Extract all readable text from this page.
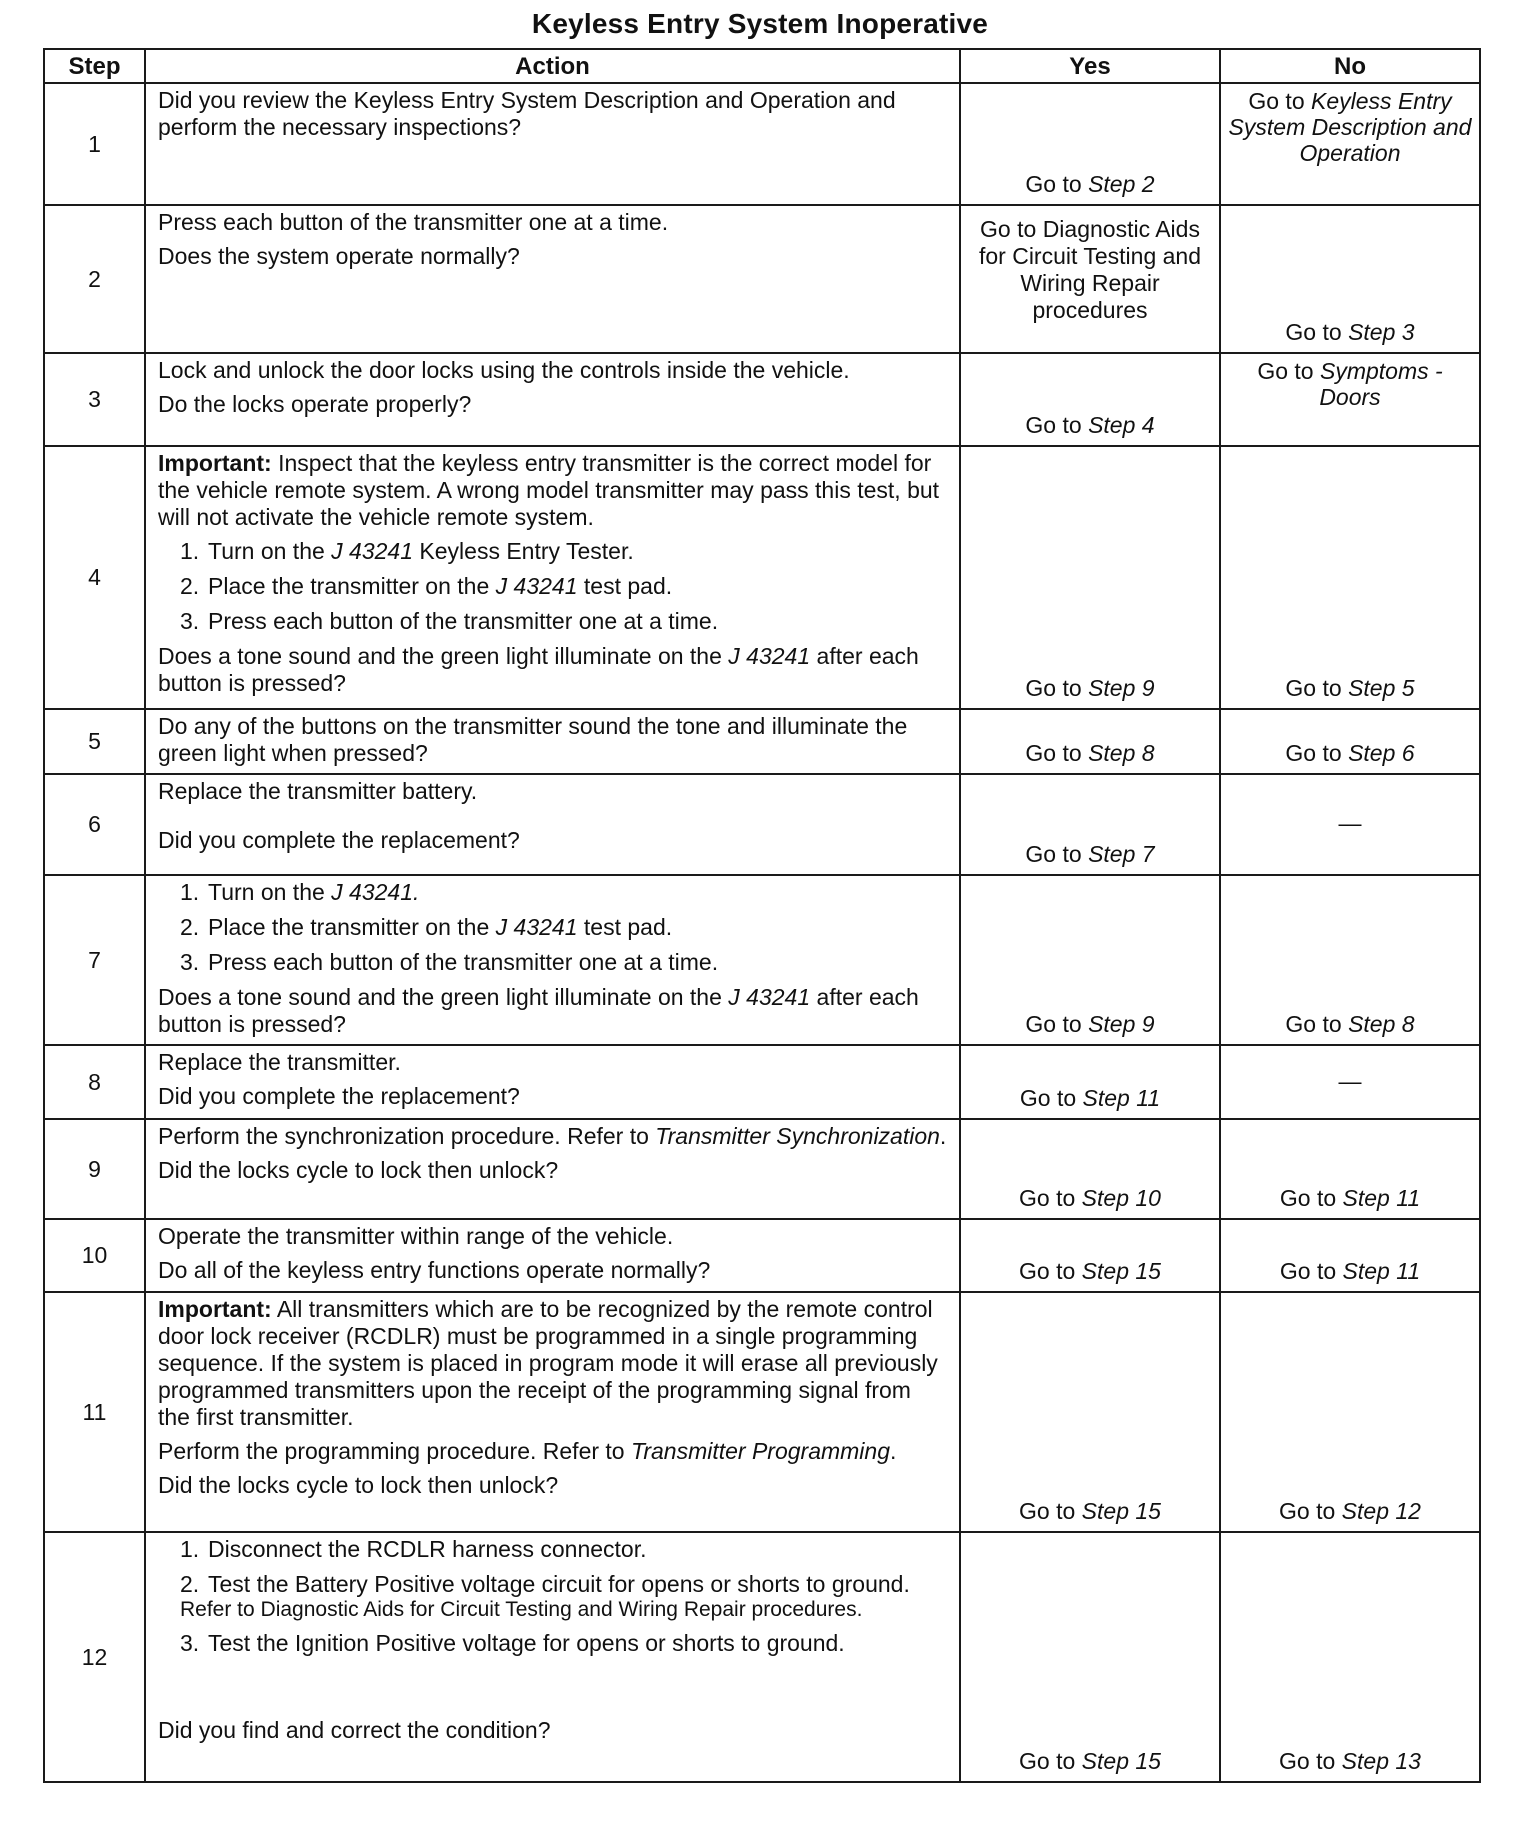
Keyless Entry System Inoperative
Step	Action	Yes	No
1	Did you review the Keyless Entry System Description and Operation and perform the necessary inspections?	Go to Step 2	Go to Keyless Entry System Description and Operation
2	Press each button of the transmitter one at a time.
Does the system operate normally?	Go to Diagnostic Aids for Circuit Testing and Wiring Repair procedures	Go to Step 3
3	Lock and unlock the door locks using the controls inside the vehicle.
Do the locks operate properly?	Go to Step 4	Go to Symptoms - Doors
4	Important: Inspect that the keyless entry transmitter is the correct model for the vehicle remote system. A wrong model transmitter may pass this test, but will not activate the vehicle remote system.
1. Turn on the J 43241 Keyless Entry Tester.
2. Place the transmitter on the J 43241 test pad.
3. Press each button of the transmitter one at a time.
Does a tone sound and the green light illuminate on the J 43241 after each button is pressed?	Go to Step 9	Go to Step 5
5	Do any of the buttons on the transmitter sound the tone and illuminate the green light when pressed?	Go to Step 8	Go to Step 6
6	Replace the transmitter battery.
Did you complete the replacement?	Go to Step 7	—
7	1. Turn on the J 43241.
2. Place the transmitter on the J 43241 test pad.
3. Press each button of the transmitter one at a time.
Does a tone sound and the green light illuminate on the J 43241 after each button is pressed?	Go to Step 9	Go to Step 8
8	Replace the transmitter.
Did you complete the replacement?	Go to Step 11	—
9	Perform the synchronization procedure. Refer to Transmitter Synchronization.
Did the locks cycle to lock then unlock?	Go to Step 10	Go to Step 11
10	Operate the transmitter within range of the vehicle.
Do all of the keyless entry functions operate normally?	Go to Step 15	Go to Step 11
11	Important: All transmitters which are to be recognized by the remote control door lock receiver (RCDLR) must be programmed in a single programming sequence. If the system is placed in program mode it will erase all previously programmed transmitters upon the receipt of the programming signal from the first transmitter.
Perform the programming procedure. Refer to Transmitter Programming.
Did the locks cycle to lock then unlock?	Go to Step 15	Go to Step 12
12	1. Disconnect the RCDLR harness connector.
2. Test the Battery Positive voltage circuit for opens or shorts to ground.
Refer to Diagnostic Aids for Circuit Testing and Wiring Repair procedures.
3. Test the Ignition Positive voltage for opens or shorts to ground.
Did you find and correct the condition?	Go to Step 15	Go to Step 13
